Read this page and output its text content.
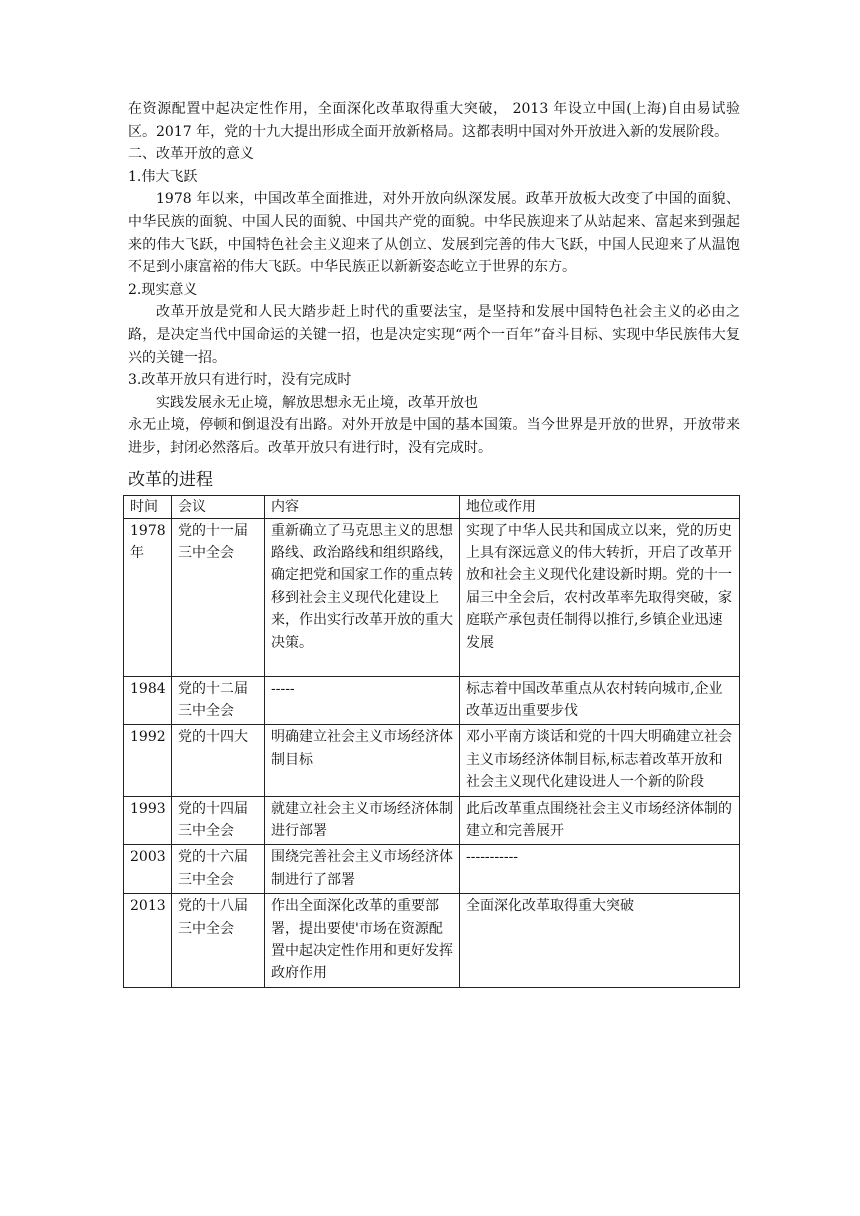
在资源配置中起决定性作用，全面深化改革取得重大突破， 2013 年设立中国(上海)自由易试验区。2017 年，党的十九大提出形成全面开放新格局。这都表明中国对外开放进入新的发展阶段。

二、改革开放的意义

1.伟大飞跃

1978 年以来，中国改革全面推进，对外开放向纵深发展。政革开放板大改变了中国的面貌、中华民族的面貌、中国人民的面貌、中国共产党的面貌。中华民族迎来了从站起来、富起来到强起来的伟大飞跃，中国特色社会主义迎来了从创立、发展到完善的伟大飞跃，中国人民迎来了从温饱不足到小康富裕的伟大飞跃。中华民族正以新新姿态屹立于世界的东方。

2.现实意义

改革开放是党和人民大踏步赶上时代的重要法宝，是坚持和发展中国特色社会主义的必由之路，是决定当代中国命运的关键一招，也是决定实现“两个一百年”奋斗目标、实现中华民族伟大复兴的关键一招。

3.改革开放只有进行时，没有完成时

实践发展永无止境，解放思想永无止境，改革开放也

永无止境，停顿和倒退没有出路。对外开放是中国的基本国策。当今世界是开放的世界，开放带来进步，封闭必然落后。改革开放只有进行时，没有完成时。

改革的进程
时间	会议	内容	地位或作用
1978年	党的十一届三中全会	重新确立了马克思主义的思想路线、政治路线和组织路线，确定把党和国家工作的重点转移到社会主义现代化建设上来，作出实行改革开放的重大决策。	实现了中华人民共和国成立以来，党的历史上具有深远意义的伟大转折，开启了改革开放和社会主义现代化建设新时期。党的十一届三中全会后，农村改革率先取得突破，家庭联产承包责任制得以推行,乡镇企业迅速发展
1984	党的十二届三中全会	-----	标志着中国改革重点从农村转向城市,企业改革迈出重要步伐
1992	党的十四大	明确建立社会主义市场经济体制目标	邓小平南方谈话和党的十四大明确建立社会主义市场经济体制目标,标志着改革开放和社会主义现代化建设进人一个新的阶段
1993	党的十四届三中全会	就建立社会主义市场经济体制进行部署	此后改革重点围绕社会主义市场经济体制的建立和完善展开
2003	党的十六届三中全会	围绕完善社会主义市场经济体制进行了部署	-----------
2013	党的十八届三中全会	作出全面深化改革的重要部署，提出要使'市场在资源配置中起决定性作用和更好发挥政府作用	全面深化改革取得重大突破
